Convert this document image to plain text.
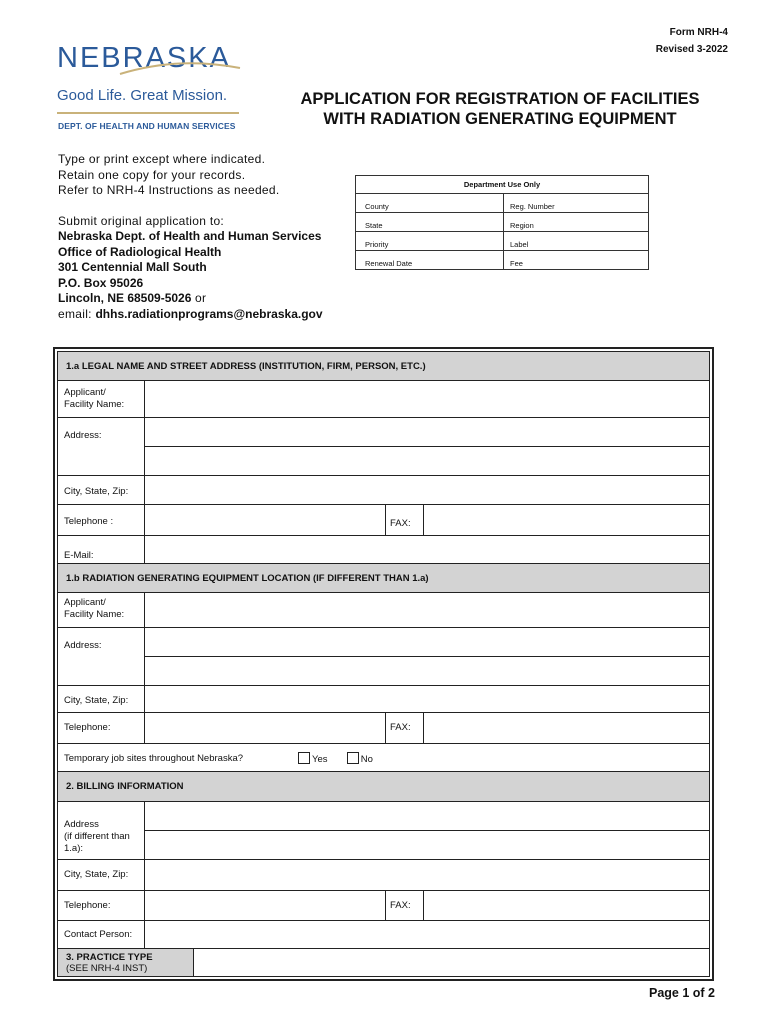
Form NRH-4
Revised 3-2022
NEBRASKA
Good Life. Great Mission.
DEPT. OF HEALTH AND HUMAN SERVICES
APPLICATION FOR REGISTRATION OF FACILITIES
WITH RADIATION GENERATING EQUIPMENT
Type or print except where indicated.
Retain one copy for your records.
Refer to NRH-4 Instructions as needed.
Submit original application to:
Nebraska Dept. of Health and Human Services
Office of Radiological Health
301 Centennial Mall South
P.O. Box 95026
Lincoln, NE 68509-5026 or
email: dhhs.radiationprograms@nebraska.gov
Department Use Only
County	Reg. Number
State	Region
Priority	Label
Renewal Date	Fee
1.a LEGAL NAME AND STREET ADDRESS (INSTITUTION, FIRM, PERSON, ETC.)
Applicant/
Facility Name:
Address:
City, State, Zip:
Telephone :	FAX:
E-Mail:
1.b RADIATION GENERATING EQUIPMENT LOCATION (IF DIFFERENT THAN 1.a)
Applicant/
Facility Name:
Address:
City, State, Zip:
Telephone:	FAX:
Temporary job sites throughout Nebraska?	Yes	No
2. BILLING INFORMATION
Address
(if different than
1.a):
City, State, Zip:
Telephone:	FAX:
Contact Person:
3. PRACTICE TYPE
(SEE NRH-4 INST)
Page 1 of 2
